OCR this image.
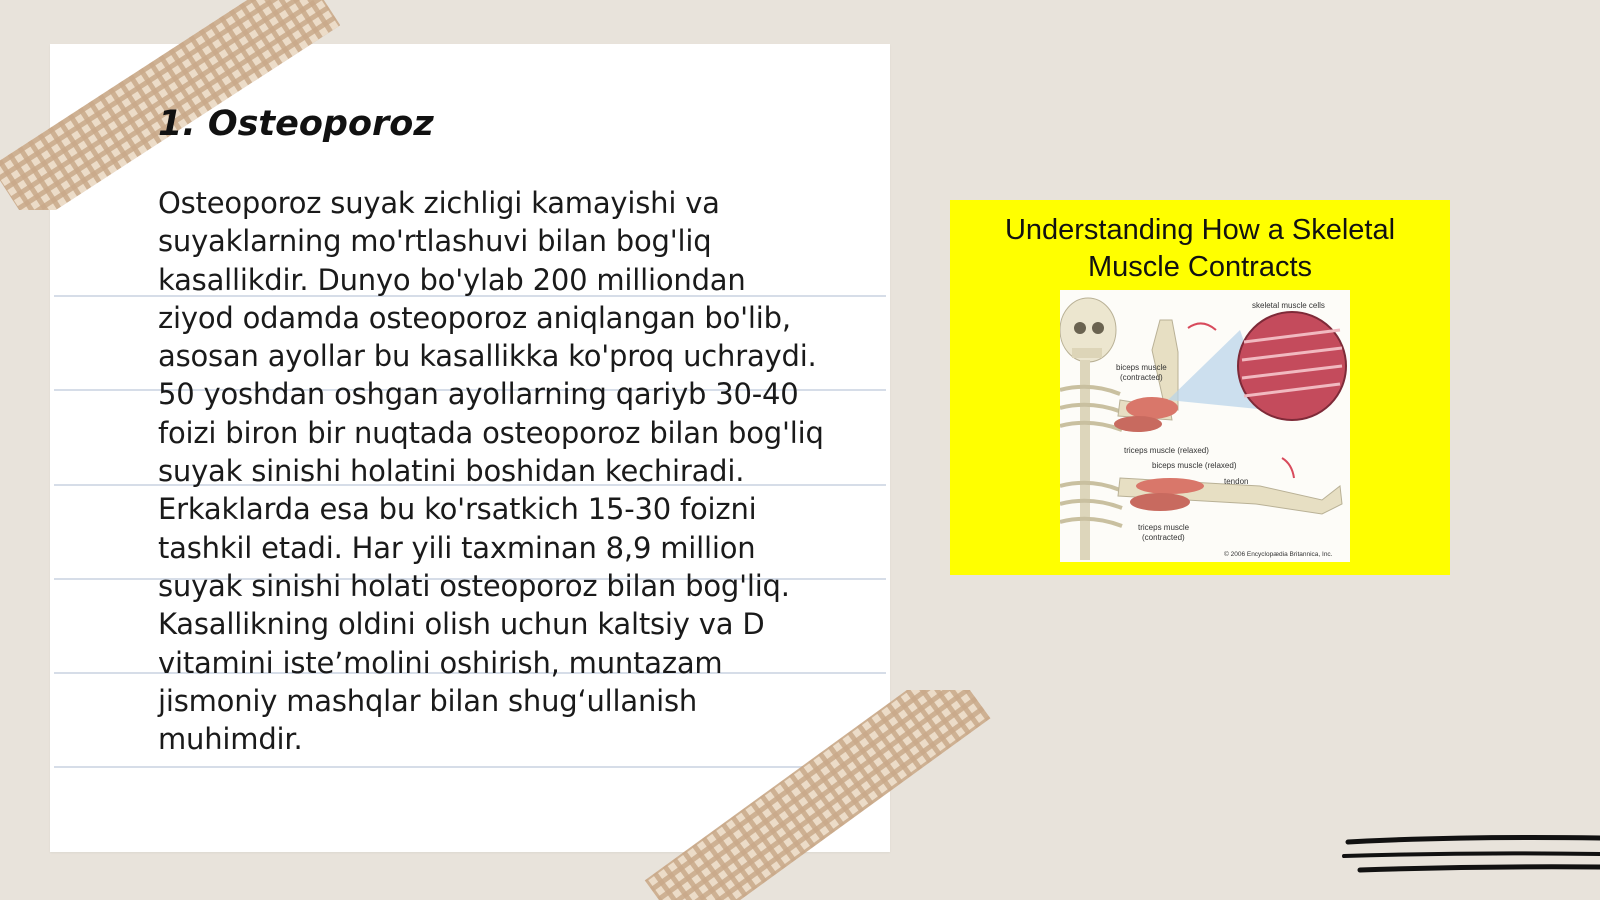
1. Osteoporoz

Osteoporoz suyak zichligi kamayishi va suyaklarning mo'rtlashuvi bilan bog'liq kasallikdir. Dunyo bo'ylab 200 milliondan ziyod odamda osteoporoz aniqlangan bo'lib, asosan ayollar bu kasallikka ko'proq uchraydi. 50 yoshdan oshgan ayollarning qariyb 30-40 foizi biron bir nuqtada osteoporoz bilan bog'liq suyak sinishi holatini boshidan kechiradi. Erkaklarda esa bu ko'rsatkich 15-30 foizni tashkil etadi. Har yili taxminan 8,9 million suyak sinishi holati osteoporoz bilan bog'liq. Kasallikning oldini olish uchun kaltsiy va D vitamini iste’molini oshirish, muntazam jismoniy mashqlar bilan shug‘ullanish muhimdir.

Understanding How a Skeletal
Muscle Contracts

skeletal muscle cells
biceps muscle
(contracted)
triceps muscle (relaxed)
biceps muscle (relaxed)
tendon
triceps muscle
(contracted)
© 2006 Encyclopædia Britannica, Inc.
